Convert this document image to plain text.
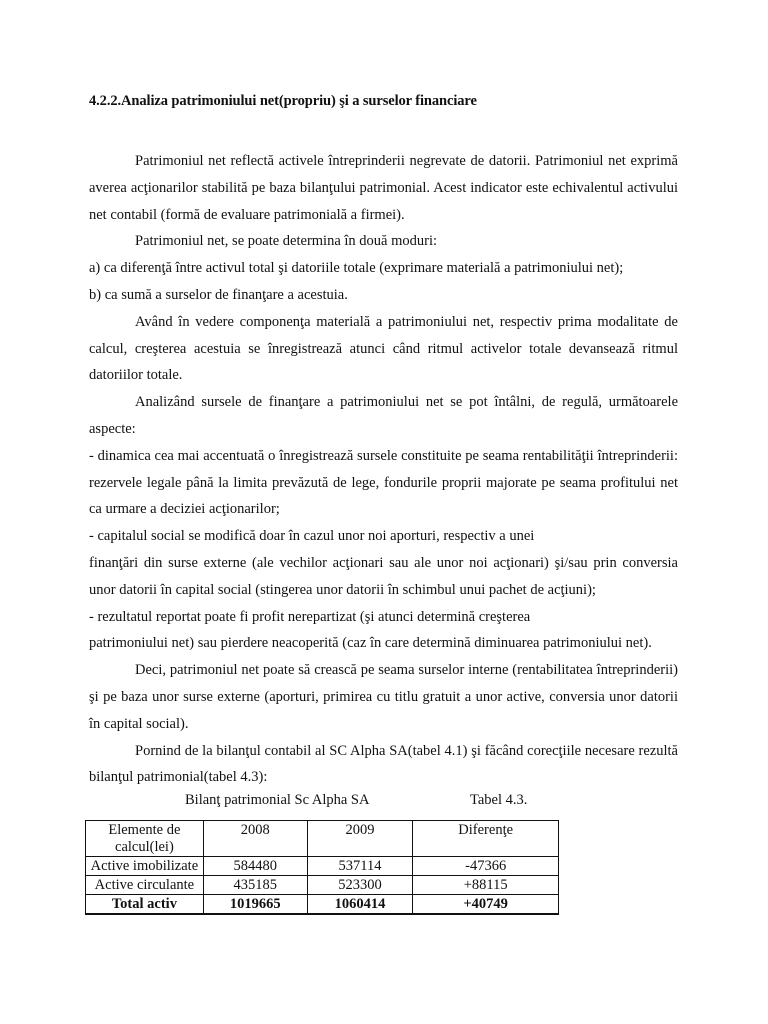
4.2.2.Analiza patrimoniului net(propriu) şi a surselor financiare

Patrimoniul net reflectă activele întreprinderii negrevate de datorii. Patrimoniul net exprimă averea acţionarilor stabilită pe baza bilanţului patrimonial. Acest indicator este echivalentul activului net contabil (formă de evaluare patrimonială a firmei).

Patrimoniul net, se poate determina în două moduri:

a) ca diferenţă între activul total şi datoriile totale (exprimare materială a patrimoniului net);

b) ca sumă a surselor de finanţare a acestuia.

Având în vedere componenţa materială a patrimoniului net, respectiv prima modalitate de calcul, creşterea acestuia se înregistrează atunci când ritmul activelor totale devansează ritmul datoriilor totale.

Analizând sursele de finanţare a patrimoniului net se pot întâlni, de regulă, următoarele aspecte:

- dinamica cea mai accentuată o înregistrează sursele constituite pe seama rentabilităţii întreprinderii: rezervele legale până la limita prevăzută de lege, fondurile proprii majorate pe seama profitului net ca urmare a deciziei acţionarilor;

- capitalul social se modifică doar în cazul unor noi aporturi, respectiv a unei

finanţări din surse externe (ale vechilor acţionari sau ale unor noi acţionari) şi/sau prin conversia unor datorii în capital social (stingerea unor datorii în schimbul unui pachet de acţiuni);

- rezultatul reportat poate fi profit nerepartizat (şi atunci determină creşterea

patrimoniului net) sau pierdere neacoperită (caz în care determină diminuarea patrimoniului net).

Deci, patrimoniul net poate să crească pe seama surselor interne (rentabilitatea întreprinderii) şi pe baza unor surse externe (aporturi, primirea cu titlu gratuit a unor active, conversia unor datorii în capital social).

Pornind de la bilanţul contabil al SC Alpha SA(tabel 4.1) şi făcând corecţiile necesare rezultă bilanţul patrimonial(tabel 4.3):

Bilanţ patrimonial Sc Alpha SA	Tabel 4.3.

Elemente de calcul(lei)	2008	2009	Diferenţe
Active imobilizate	584480	537114	-47366
Active circulante	435185	523300	+88115
Total activ	1019665	1060414	+40749
